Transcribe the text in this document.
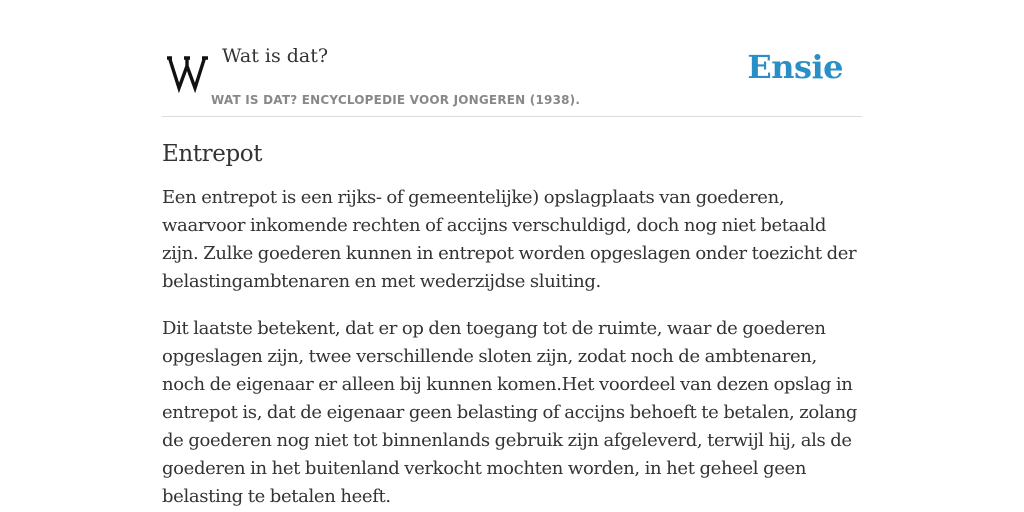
Wat is dat?
WAT IS DAT? ENCYCLOPEDIE VOOR JONGEREN (1938).
Ensie
Entrepot

Een entrepot is een rijks- of gemeentelijke) opslagplaats van goederen, waarvoor inkomende rechten of accijns verschuldigd, doch nog niet betaald zijn. Zulke goederen kunnen in entrepot worden opgeslagen onder toezicht der belastingambtenaren en met wederzijdse sluiting.

Dit laatste betekent, dat er op den toegang tot de ruimte, waar de goederen opgeslagen zijn, twee verschillende sloten zijn, zodat noch de ambtenaren, noch de eigenaar er alleen bij kunnen komen.Het voordeel van dezen opslag in entrepot is, dat de eigenaar geen belasting of accijns behoeft te betalen, zolang de goederen nog niet tot binnenlands gebruik zijn afgeleverd, terwijl hij, als de goederen in het buitenland verkocht mochten worden, in het geheel geen belasting te betalen heeft.
